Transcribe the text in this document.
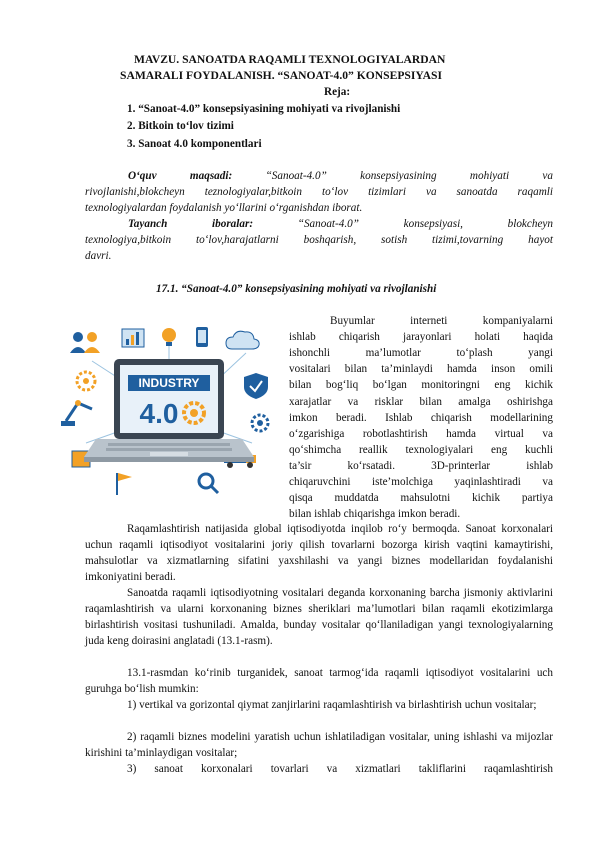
MAVZU. SANOATDA RAQAMLI TEXNOLOGIYALARDAN

SAMARALI FOYDALANISH. “SANOAT-4.0” KONSEPSIYASI

Reja:

1. “Sanoat-4.0” konsepsiyasining mohiyati va rivojlanishi

2. Bitkoin to‘lov tizimi

3. Sanoat 4.0 komponentlari

O‘quv maqsadi:	“Sanoat-4.0” konsepsiyasining mohiyati va

rivojlanishi,blokcheyn teznologiyalar,bitkoin to‘lov tizimlari va sanoatda raqamli

texnologiyalardan foydalanish yo‘llarini o‘rganishdan iborat.

Tayanch iboralar:	“Sanoat-4.0” konsepsiyasi, blokcheyn

texnologiya,bitkoin to‘lov,harajatlarni boshqarish, sotish tizimi,tovarning hayot

davri.

17.1. “Sanoat-4.0” konsepsiyasining mohiyati va rivojlanishi

INDUSTRY
4.0

Buyumlar interneti kompaniyalarni

ishlab chiqarish jarayonlari holati haqida

ishonchli ma’lumotlar to‘plash yangi

vositalari bilan ta’minlaydi hamda inson omili

bilan bog‘liq bo‘lgan monitoringni eng kichik

xarajatlar va risklar bilan amalga oshirishga

imkon beradi. Ishlab chiqarish modellarining

o‘zgarishiga robotlashtirish hamda virtual va

qo‘shimcha reallik texnologiyalari eng kuchli

ta’sir ko‘rsatadi. 3D-printerlar ishlab

chiqaruvchini iste’molchiga yaqinlashtiradi va

qisqa muddatda mahsulotni kichik partiya

bilan ishlab chiqarishga imkon beradi.

Raqamlashtirish natijasida global iqtisodiyotda inqilob ro‘y bermoqda. Sanoat korxonalari uchun raqamli iqtisodiyot vositalarini joriy qilish tovarlarni bozorga kirish vaqtini kamaytirishi, mahsulotlar va xizmatlarning sifatini yaxshilashi va yangi biznes modellaridan foydalanishi imkoniyatini beradi.

Sanoatda raqamli iqtisodiyotning vositalari deganda korxonaning barcha jismoniy aktivlarini raqamlashtirish va ularni korxonaning biznes sheriklari ma’lumotlari bilan raqamli ekotizimlarga birlashtirish vositasi tushuniladi. Amalda, bunday vositalar qo‘llaniladigan yangi texnologiyalarning juda keng doirasini anglatadi (13.1-rasm).

13.1-rasmdan ko‘rinib turganidek, sanoat tarmog‘ida raqamli iqtisodiyot vositalarini uch guruhga bo‘lish mumkin:

1) vertikal va gorizontal qiymat zanjirlarini raqamlashtirish va birlashtirish uchun vositalar;

2) raqamli biznes modelini yaratish uchun ishlatiladigan vositalar, uning ishlashi va mijozlar kirishini ta’minlaydigan vositalar;

3) sanoat korxonalari tovarlari va xizmatlari takliflarini raqamlashtirish
